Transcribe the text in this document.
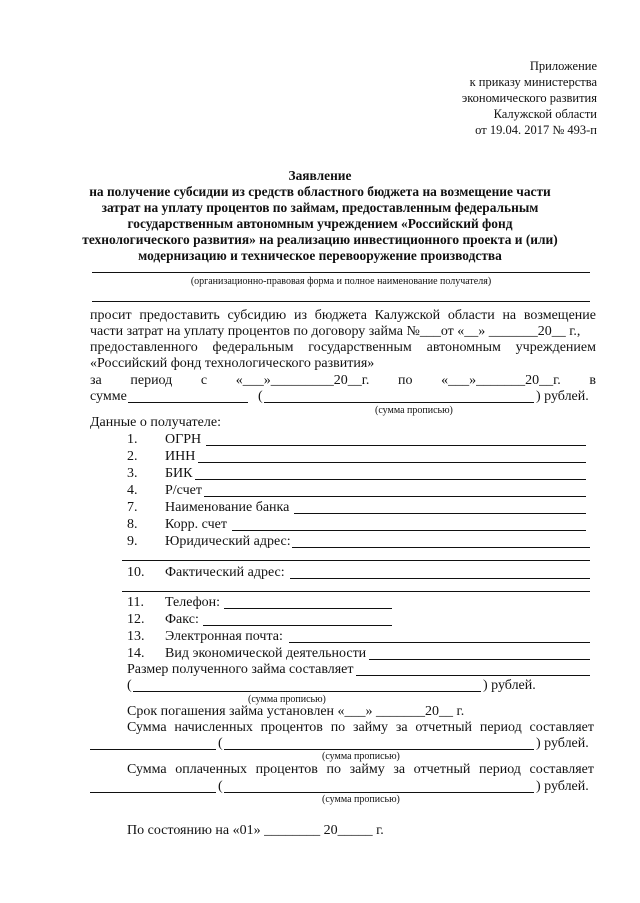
Приложение
к приказу министерства
экономического развития
Калужской области
от 19.04. 2017 № 493-п
Заявление
на получение субсидии из средств областного бюджета на возмещение части
затрат на уплату процентов по займам, предоставленным федеральным
государственным автономным учреждением «Российский фонд
технологического развития» на реализацию инвестиционного проекта и (или)
модернизацию и техническое перевооружение производства
(организационно-правовая форма и полное наименование получателя)
просит предоставить субсидию из бюджета Калужской области на возмещение
части затрат на уплату процентов по договору займа №___от «__» _______20__ г.,
предоставленного федеральным государственным автономным учреждением
«Российский фонд технологического развития»
за период с «___»_________20__г. по «___»_______20__г. в
сумме	(	) рублей.
(сумма прописью)
Данные о получателе:
1. ОГРН
2. ИНН
3. БИК
4. Р/счет
7. Наименование банка
8. Корр. счет
9. Юридический адрес:
10. Фактический адрес:
11. Телефон:
12. Факс:
13. Электронная почта:
14. Вид экономической деятельности
Размер полученного займа составляет
(	) рублей.
(сумма прописью)
Срок погашения займа установлен «___» _______20__ г.
Сумма начисленных процентов по займу за отчетный период составляет
(	) рублей.
(сумма прописью)
Сумма оплаченных процентов по займу за отчетный период составляет
(	) рублей.
(сумма прописью)
По состоянию на «01» ________ 20_____ г.
